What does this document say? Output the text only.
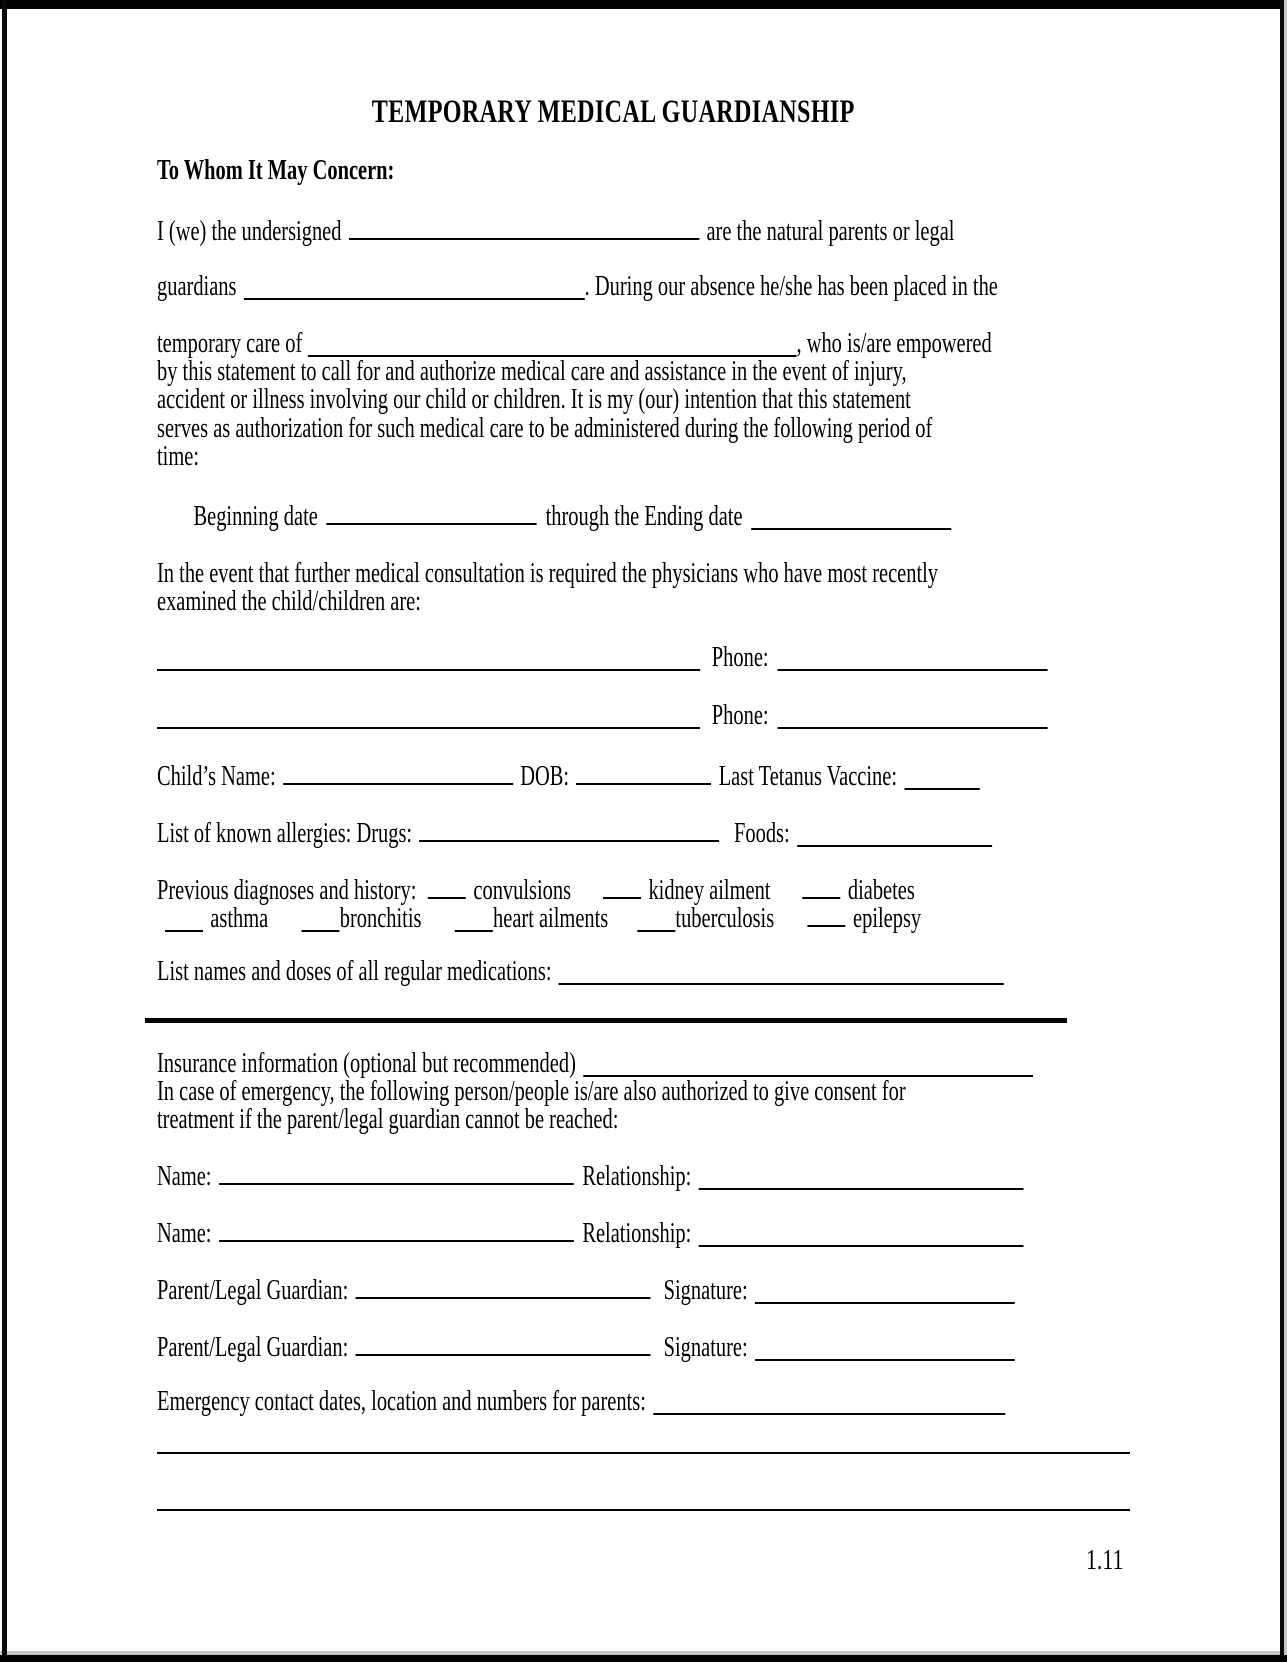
TEMPORARY MEDICAL GUARDIANSHIP
To Whom It May Concern:
I (we) the undersigned	are the natural parents or legal
guardians	. During our absence he/she has been placed in the
temporary care of	, who is/are empowered
by this statement to call for and authorize medical care and assistance in the event of injury,
accident or illness involving our child or children. It is my (our) intention that this statement
serves as authorization for such medical care to be administered during the following period of
time:
Beginning date	through the Ending date
In the event that further medical consultation is required the physicians who have most recently
examined the child/children are:
Phone:
Phone:
Child’s Name:	DOB:	Last Tetanus Vaccine:
List of known allergies: Drugs:	Foods:
Previous diagnoses and history: convulsions	kidney ailment	diabetes
asthma	bronchitis	heart ailments tuberculosis	epilepsy
List names and doses of all regular medications:
Insurance information (optional but recommended)
In case of emergency, the following person/people is/are also authorized to give consent for
treatment if the parent/legal guardian cannot be reached:
Name:	Relationship:
Name:	Relationship:
Parent/Legal Guardian:	Signature:
Parent/Legal Guardian:	Signature:
Emergency contact dates, location and numbers for parents:
1.11
